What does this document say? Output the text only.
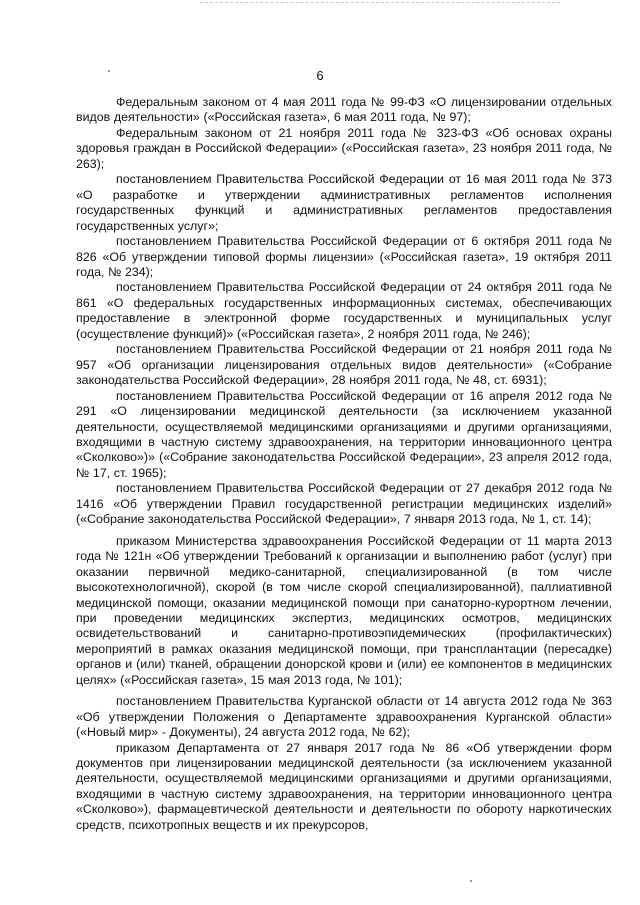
6

Федеральным законом от 4 мая 2011 года № 99-ФЗ «О лицензировании отдельных видов деятельности» («Российская газета», 6 мая 2011 года, № 97);

Федеральным законом от 21 ноября 2011 года № 323-ФЗ «Об основах охраны здоровья граждан в Российской Федерации» («Российская газета», 23 ноября 2011 года, № 263);

постановлением Правительства Российской Федерации от 16 мая 2011 года № 373 «О разработке и утверждении административных регламентов исполнения государственных функций и административных регламентов предоставления государственных услуг»;

постановлением Правительства Российской Федерации от 6 октября 2011 года № 826 «Об утверждении типовой формы лицензии» («Российская газета», 19 октября 2011 года, № 234);

постановлением Правительства Российской Федерации от 24 октября 2011 года № 861 «О федеральных государственных информационных системах, обеспечивающих предоставление в электронной форме государственных и муниципальных услуг (осуществление функций)» («Российская газета», 2 ноября 2011 года, № 246);

постановлением Правительства Российской Федерации от 21 ноября 2011 года № 957 «Об организации лицензирования отдельных видов деятельности» («Собрание законодательства Российской Федерации», 28 ноября 2011 года, № 48, ст. 6931);

постановлением Правительства Российской Федерации от 16 апреля 2012 года № 291 «О лицензировании медицинской деятельности (за исключением указанной деятельности, осуществляемой медицинскими организациями и другими организациями, входящими в частную систему здравоохранения, на территории инновационного центра «Сколково»)» («Собрание законодательства Российской Федерации», 23 апреля 2012 года, № 17, ст. 1965);

постановлением Правительства Российской Федерации от 27 декабря 2012 года № 1416 «Об утверждении Правил государственной регистрации медицинских изделий» («Собрание законодательства Российской Федерации», 7 января 2013 года, № 1, ст. 14);

приказом Министерства здравоохранения Российской Федерации от 11 марта 2013 года № 121н «Об утверждении Требований к организации и выполнению работ (услуг) при оказании первичной медико-санитарной, специализированной (в том числе высокотехнологичной), скорой (в том числе скорой специализированной), паллиативной медицинской помощи, оказании медицинской помощи при санаторно-курортном лечении, при проведении медицинских экспертиз, медицинских осмотров, медицинских освидетельствований и санитарно-противоэпидемических (профилактических) мероприятий в рамках оказания медицинской помощи, при трансплантации (пересадке) органов и (или) тканей, обращении донорской крови и (или) ее компонентов в медицинских целях» («Российская газета», 15 мая 2013 года, № 101);

постановлением Правительства Курганской области от 14 августа 2012 года № 363 «Об утверждении Положения о Департаменте здравоохранения Курганской области» («Новый мир» - Документы), 24 августа 2012 года, № 62);

приказом Департамента от 27 января 2017 года № 86 «Об утверждении форм документов при лицензировании медицинской деятельности (за исключением указанной деятельности, осуществляемой медицинскими организациями и другими организациями, входящими в частную систему здравоохранения, на территории инновационного центра «Сколково»), фармацевтической деятельности и деятельности по обороту наркотических средств, психотропных веществ и их прекурсоров,
